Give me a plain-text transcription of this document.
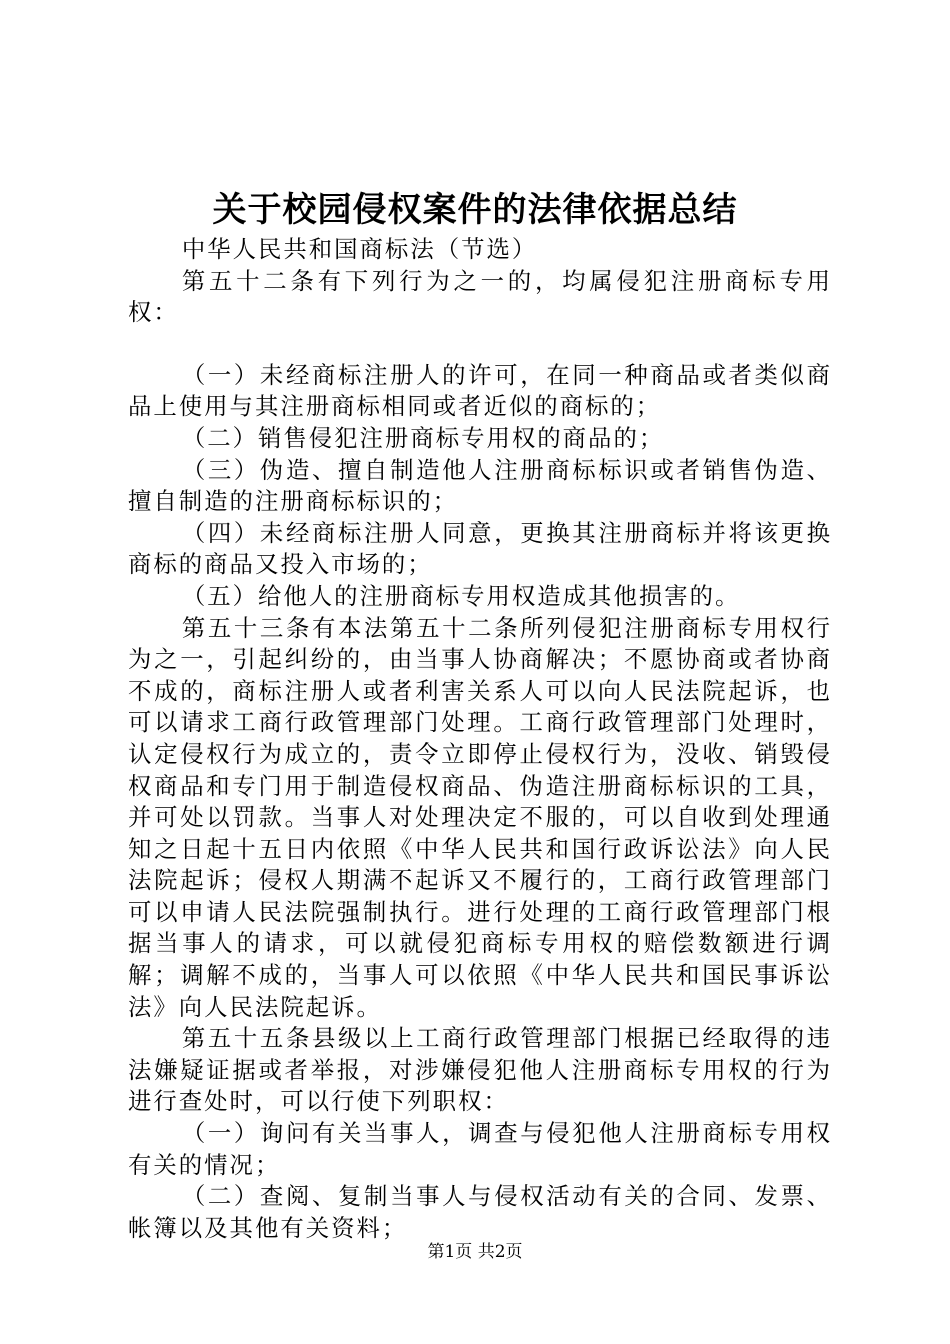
关于校园侵权案件的法律依据总结

中华人民共和国商标法（节选）

第五十二条有下列行为之一的，均属侵犯注册商标专用权：

（一）未经商标注册人的许可，在同一种商品或者类似商品上使用与其注册商标相同或者近似的商标的；

（二）销售侵犯注册商标专用权的商品的；

（三）伪造、擅自制造他人注册商标标识或者销售伪造、擅自制造的注册商标标识的；

（四）未经商标注册人同意，更换其注册商标并将该更换商标的商品又投入市场的；

（五）给他人的注册商标专用权造成其他损害的。

第五十三条有本法第五十二条所列侵犯注册商标专用权行为之一，引起纠纷的，由当事人协商解决；不愿协商或者协商不成的，商标注册人或者利害关系人可以向人民法院起诉，也可以请求工商行政管理部门处理。工商行政管理部门处理时，认定侵权行为成立的，责令立即停止侵权行为，没收、销毁侵权商品和专门用于制造侵权商品、伪造注册商标标识的工具，并可处以罚款。当事人对处理决定不服的，可以自收到处理通知之日起十五日内依照《中华人民共和国行政诉讼法》向人民法院起诉；侵权人期满不起诉又不履行的，工商行政管理部门可以申请人民法院强制执行。进行处理的工商行政管理部门根据当事人的请求，可以就侵犯商标专用权的赔偿数额进行调解；调解不成的，当事人可以依照《中华人民共和国民事诉讼法》向人民法院起诉。

第五十五条县级以上工商行政管理部门根据已经取得的违法嫌疑证据或者举报，对涉嫌侵犯他人注册商标专用权的行为进行查处时，可以行使下列职权：

（一）询问有关当事人，调查与侵犯他人注册商标专用权有关的情况；

（二）查阅、复制当事人与侵权活动有关的合同、发票、帐簿以及其他有关资料；

第1页 共2页
